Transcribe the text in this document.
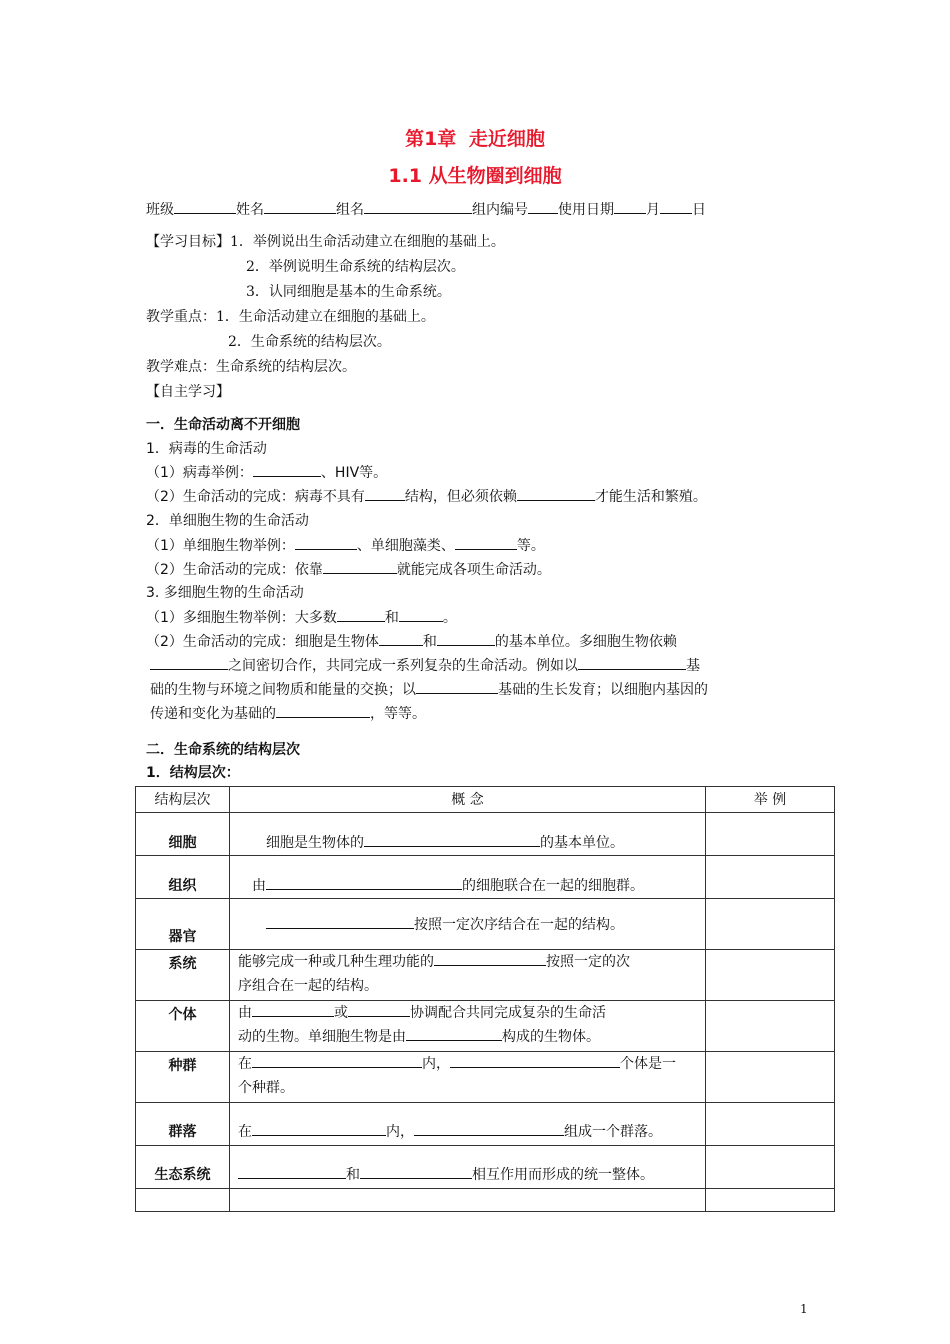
第1章 走近细胞
1.1 从生物圈到细胞
班级	姓名	组名	组内编号 使用日期 月 日
【学习目标】1．举例说出生命活动建立在细胞的基础上。
2．举例说明生命系统的结构层次。
3．认同细胞是基本的生命系统。
教学重点：1．生命活动建立在细胞的基础上。
2．生命系统的结构层次。
教学难点：生命系统的结构层次。
【自主学习】
一．生命活动离不开细胞
1．病毒的生命活动
（1）病毒举例：	、HIV等。
（2）生命活动的完成：病毒不具有	结构，但必须依赖	才能生活和繁殖。
2．单细胞生物的生命活动
（1）单细胞生物举例：	、单细胞藻类、	等。
（2）生命活动的完成：依靠	就能完成各项生命活动。
3. 多细胞生物的生命活动
（1）多细胞生物举例：大多数	和	。
（2）生命活动的完成：细胞是生物体	和	的基本单位。多细胞生物依赖
之间密切合作，共同完成一系列复杂的生命活动。例如以	基
础的生物与环境之间物质和能量的交换；以	基础的生长发育；以细胞内基因的
传递和变化为基础的	，等等。
二．生命系统的结构层次
1．结构层次：
结构层次	概 念	举 例
细胞	细胞是生物体的 的基本单位。	
组织	由 的细胞联合在一起的细胞群。	
器官	按照一定次序结合在一起的结构。	
系统	能够完成一种或几种生理功能的 按照一定的次
序组合在一起的结构。	
个体	由 或 协调配合共同完成复杂的生命活
动的生物。单细胞生物是由 构成的生物体。	
种群	在 内， 个体是一
个种群。	
群落	在 内， 组成一个群落。	
生态系统	和 相互作用而形成的统一整体。	

1
